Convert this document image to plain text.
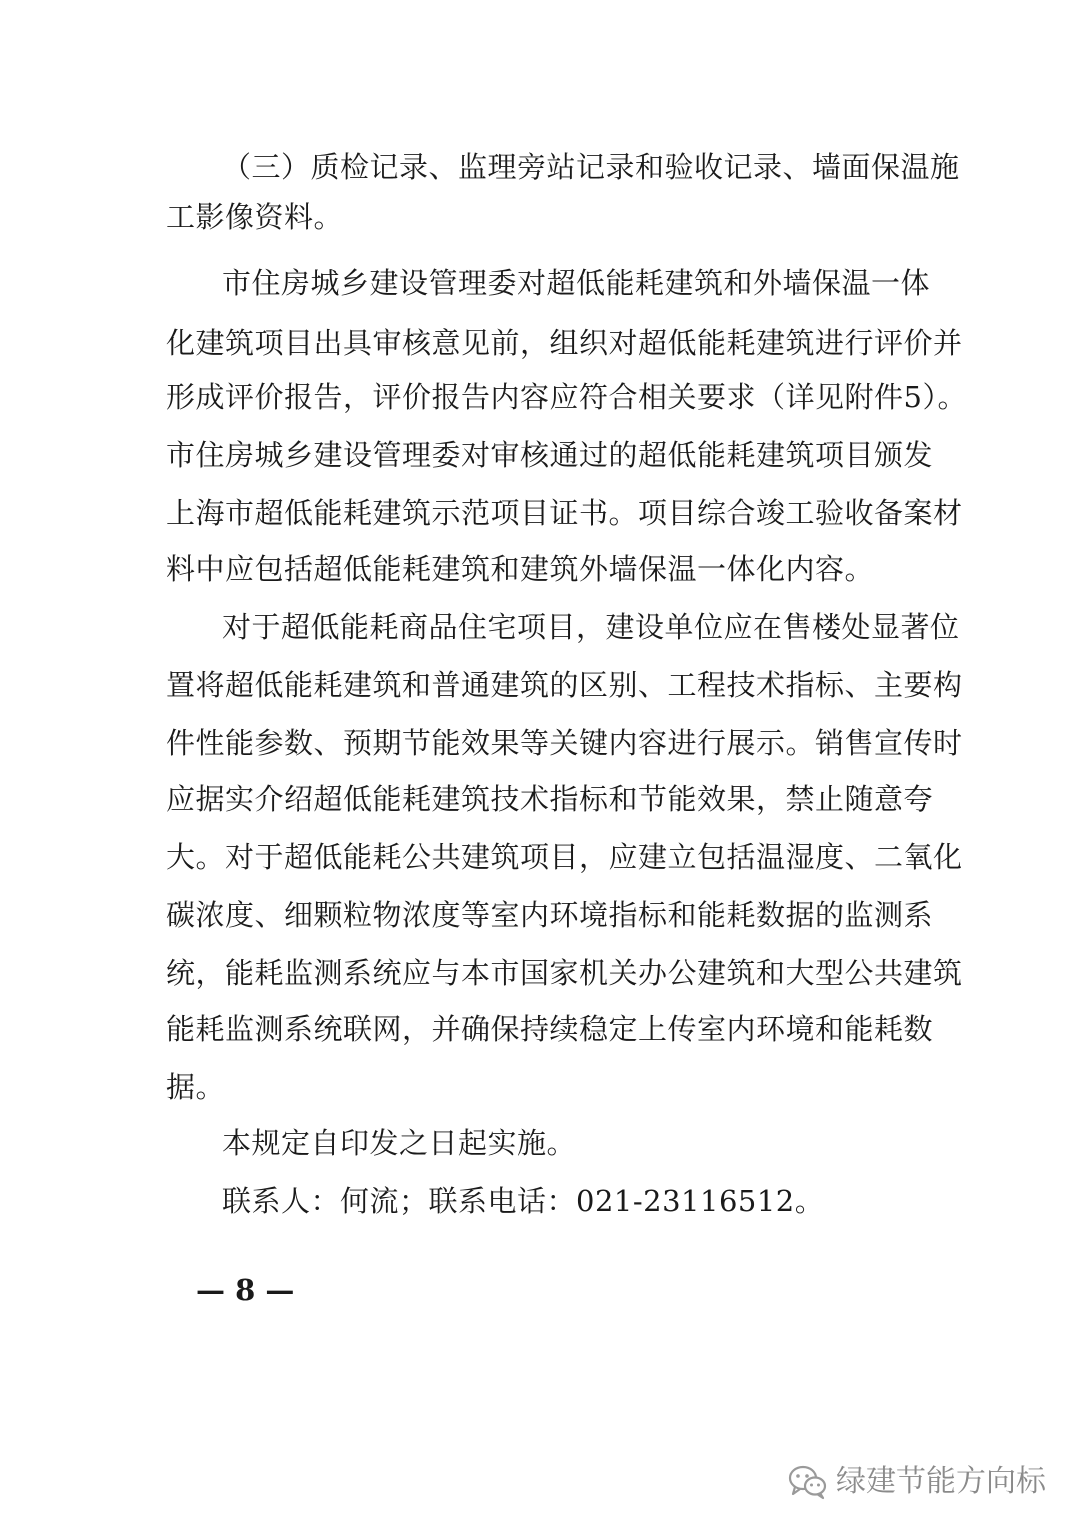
（三）质检记录、监理旁站记录和验收记录、墙面保温施
工影像资料。
市住房城乡建设管理委对超低能耗建筑和外墙保温一体
化建筑项目出具审核意见前，组织对超低能耗建筑进行评价并
形成评价报告，评价报告内容应符合相关要求（详见附件5）。
市住房城乡建设管理委对审核通过的超低能耗建筑项目颁发
上海市超低能耗建筑示范项目证书。项目综合竣工验收备案材
料中应包括超低能耗建筑和建筑外墙保温一体化内容。
对于超低能耗商品住宅项目，建设单位应在售楼处显著位
置将超低能耗建筑和普通建筑的区别、工程技术指标、主要构
件性能参数、预期节能效果等关键内容进行展示。销售宣传时
应据实介绍超低能耗建筑技术指标和节能效果，禁止随意夸
大。对于超低能耗公共建筑项目，应建立包括温湿度、二氧化
碳浓度、细颗粒物浓度等室内环境指标和能耗数据的监测系
统，能耗监测系统应与本市国家机关办公建筑和大型公共建筑
能耗监测系统联网，并确保持续稳定上传室内环境和能耗数
据。
本规定自印发之日起实施。
联系人：何流；联系电话：021-23116512。
— 8 —
绿建节能方向标
